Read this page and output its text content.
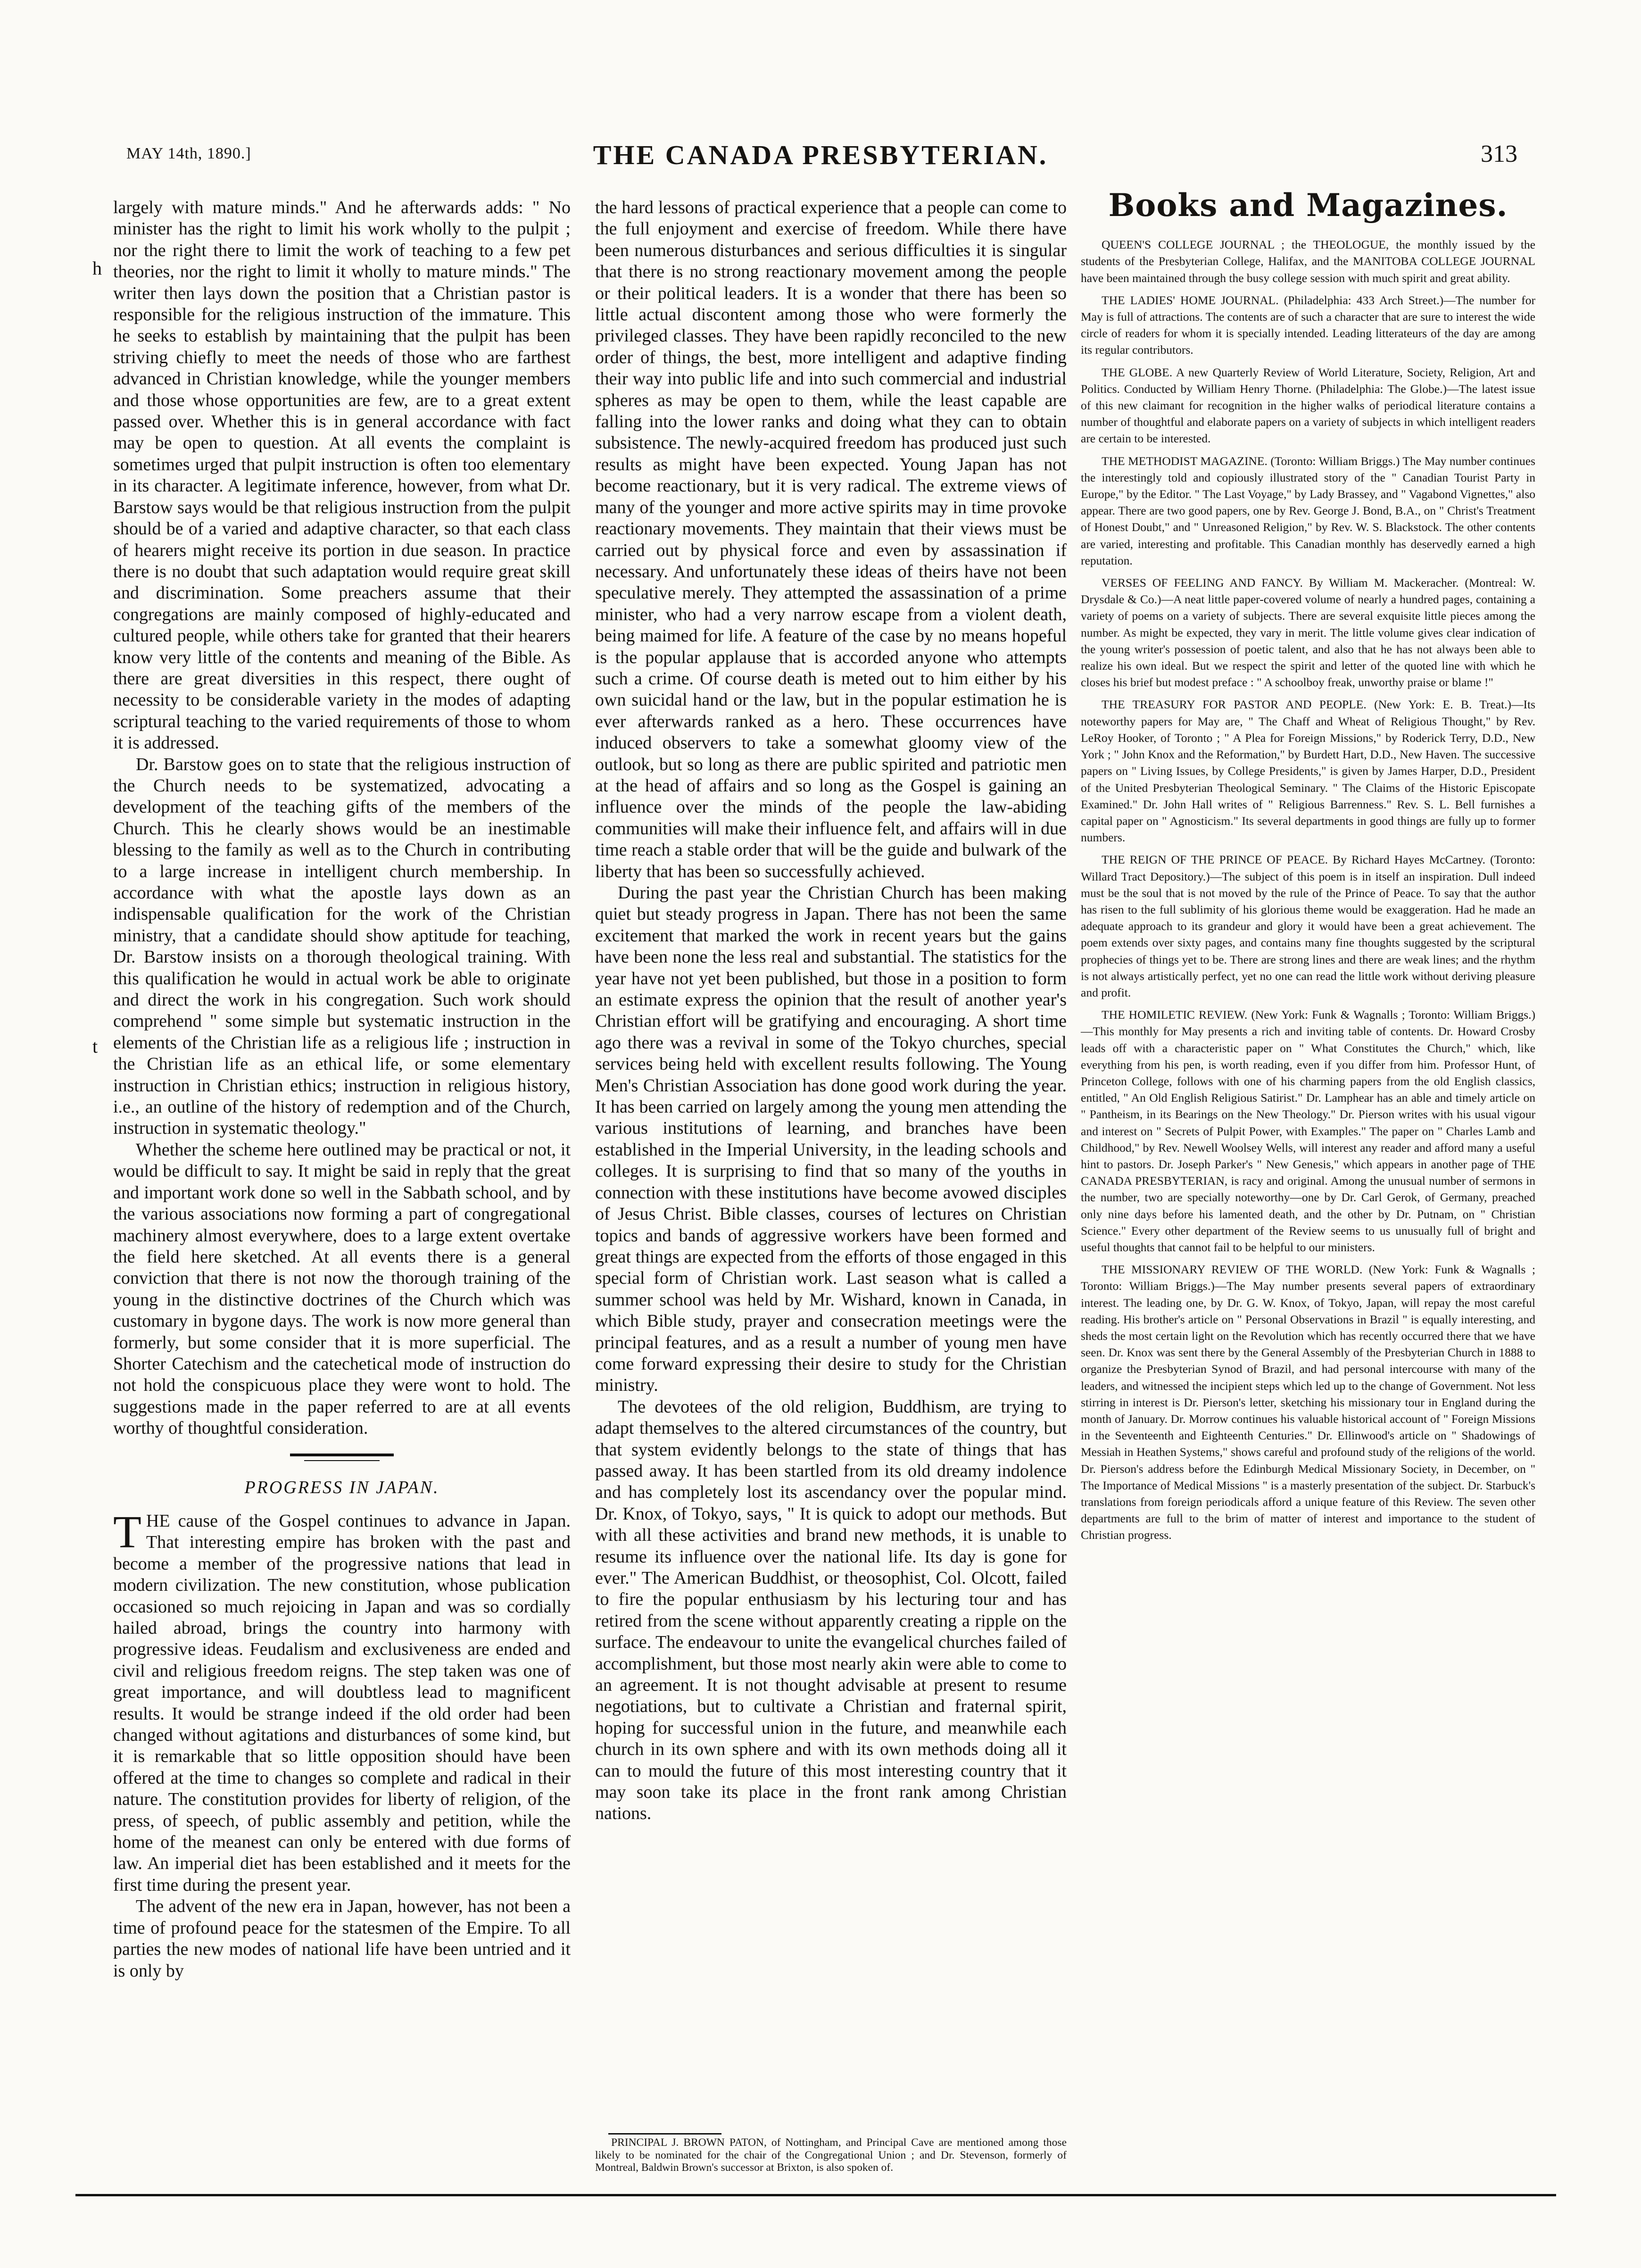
MAY 14th, 1890.]	THE CANADA PRESBYTERIAN.	313
h
t

largely with mature minds." And he afterwards adds: " No minister has the right to limit his work wholly to the pulpit ; nor the right there to limit the work of teaching to a few pet theories, nor the right to limit it wholly to mature minds." The writer then lays down the position that a Christian pastor is responsible for the religious instruction of the immature. This he seeks to establish by maintaining that the pulpit has been striving chiefly to meet the needs of those who are farthest advanced in Christian knowledge, while the younger members and those whose opportunities are few, are to a great extent passed over. Whether this is in general accordance with fact may be open to question. At all events the complaint is sometimes urged that pulpit instruction is often too elementary in its character. A legitimate inference, however, from what Dr. Barstow says would be that religious instruction from the pulpit should be of a varied and adaptive character, so that each class of hearers might receive its portion in due season. In practice there is no doubt that such adaptation would require great skill and discrimination. Some preachers assume that their congregations are mainly composed of highly-educated and cultured people, while others take for granted that their hearers know very little of the contents and meaning of the Bible. As there are great diversities in this respect, there ought of necessity to be considerable variety in the modes of adapting scriptural teaching to the varied requirements of those to whom it is addressed.

Dr. Barstow goes on to state that the religious instruction of the Church needs to be systematized, advocating a development of the teaching gifts of the members of the Church. This he clearly shows would be an inestimable blessing to the family as well as to the Church in contributing to a large increase in intelligent church membership. In accordance with what the apostle lays down as an indispensable qualification for the work of the Christian ministry, that a candidate should show aptitude for teaching, Dr. Barstow insists on a thorough theological training. With this qualification he would in actual work be able to originate and direct the work in his congregation. Such work should comprehend " some simple but systematic instruction in the elements of the Christian life as a religious life ; instruction in the Christian life as an ethical life, or some elementary instruction in Christian ethics; instruction in religious history, i.e., an outline of the history of redemption and of the Church, instruction in systematic theology."

Whether the scheme here outlined may be practical or not, it would be difficult to say. It might be said in reply that the great and important work done so well in the Sabbath school, and by the various associations now forming a part of congregational machinery almost everywhere, does to a large extent overtake the field here sketched. At all events there is a general conviction that there is not now the thorough training of the young in the distinctive doctrines of the Church which was customary in bygone days. The work is now more general than formerly, but some consider that it is more superficial. The Shorter Catechism and the catechetical mode of instruction do not hold the conspicuous place they were wont to hold. The suggestions made in the paper referred to are at all events worthy of thoughtful consideration.

PROGRESS IN JAPAN.

THE cause of the Gospel continues to advance in Japan. That interesting empire has broken with the past and become a member of the progressive nations that lead in modern civilization. The new constitution, whose publication occasioned so much rejoicing in Japan and was so cordially hailed abroad, brings the country into harmony with progressive ideas. Feudalism and exclusiveness are ended and civil and religious freedom reigns. The step taken was one of great importance, and will doubtless lead to magnificent results. It would be strange indeed if the old order had been changed without agitations and disturbances of some kind, but it is remarkable that so little opposition should have been offered at the time to changes so complete and radical in their nature. The constitution provides for liberty of religion, of the press, of speech, of public assembly and petition, while the home of the meanest can only be entered with due forms of law. An imperial diet has been established and it meets for the first time during the present year.

The advent of the new era in Japan, however, has not been a time of profound peace for the statesmen of the Empire. To all parties the new modes of national life have been untried and it is only by

the hard lessons of practical experience that a people can come to the full enjoyment and exercise of freedom. While there have been numerous disturbances and serious difficulties it is singular that there is no strong reactionary movement among the people or their political leaders. It is a wonder that there has been so little actual discontent among those who were formerly the privileged classes. They have been rapidly reconciled to the new order of things, the best, more intelligent and adaptive finding their way into public life and into such commercial and industrial spheres as may be open to them, while the least capable are falling into the lower ranks and doing what they can to obtain subsistence. The newly-acquired freedom has produced just such results as might have been expected. Young Japan has not become reactionary, but it is very radical. The extreme views of many of the younger and more active spirits may in time provoke reactionary movements. They maintain that their views must be carried out by physical force and even by assassination if necessary. And unfortunately these ideas of theirs have not been speculative merely. They attempted the assassination of a prime minister, who had a very narrow escape from a violent death, being maimed for life. A feature of the case by no means hopeful is the popular applause that is accorded anyone who attempts such a crime. Of course death is meted out to him either by his own suicidal hand or the law, but in the popular estimation he is ever afterwards ranked as a hero. These occurrences have induced observers to take a somewhat gloomy view of the outlook, but so long as there are public spirited and patriotic men at the head of affairs and so long as the Gospel is gaining an influence over the minds of the people the law-abiding communities will make their influence felt, and affairs will in due time reach a stable order that will be the guide and bulwark of the liberty that has been so successfully achieved.

During the past year the Christian Church has been making quiet but steady progress in Japan. There has not been the same excitement that marked the work in recent years but the gains have been none the less real and substantial. The statistics for the year have not yet been published, but those in a position to form an estimate express the opinion that the result of another year's Christian effort will be gratifying and encouraging. A short time ago there was a revival in some of the Tokyo churches, special services being held with excellent results following. The Young Men's Christian Association has done good work during the year. It has been carried on largely among the young men attending the various institutions of learning, and branches have been established in the Imperial University, in the leading schools and colleges. It is surprising to find that so many of the youths in connection with these institutions have become avowed disciples of Jesus Christ. Bible classes, courses of lectures on Christian topics and bands of aggressive workers have been formed and great things are expected from the efforts of those engaged in this special form of Christian work. Last season what is called a summer school was held by Mr. Wishard, known in Canada, in which Bible study, prayer and consecration meetings were the principal features, and as a result a number of young men have come forward expressing their desire to study for the Christian ministry.

The devotees of the old religion, Buddhism, are trying to adapt themselves to the altered circumstances of the country, but that system evidently belongs to the state of things that has passed away. It has been startled from its old dreamy indolence and has completely lost its ascendancy over the popular mind. Dr. Knox, of Tokyo, says, " It is quick to adopt our methods. But with all these activities and brand new methods, it is unable to resume its influence over the national life. Its day is gone for ever." The American Buddhist, or theosophist, Col. Olcott, failed to fire the popular enthusiasm by his lecturing tour and has retired from the scene without apparently creating a ripple on the surface. The endeavour to unite the evangelical churches failed of accomplishment, but those most nearly akin were able to come to an agreement. It is not thought advisable at present to resume negotiations, but to cultivate a Christian and fraternal spirit, hoping for successful union in the future, and meanwhile each church in its own sphere and with its own methods doing all it can to mould the future of this most interesting country that it may soon take its place in the front rank among Christian nations.

PRINCIPAL J. BROWN PATON, of Nottingham, and Principal Cave are mentioned among those likely to be nominated for the chair of the Congregational Union ; and Dr. Stevenson, formerly of Montreal, Baldwin Brown's successor at Brixton, is also spoken of.

Books and Magazines.

QUEEN'S COLLEGE JOURNAL ; the THEOLOGUE, the monthly issued by the students of the Presbyterian College, Halifax, and the MANITOBA COLLEGE JOURNAL have been maintained through the busy college session with much spirit and great ability.

THE LADIES' HOME JOURNAL. (Philadelphia: 433 Arch Street.)—The number for May is full of attractions. The contents are of such a character that are sure to interest the wide circle of readers for whom it is specially intended. Leading litterateurs of the day are among its regular contributors.

THE GLOBE. A new Quarterly Review of World Literature, Society, Religion, Art and Politics. Conducted by William Henry Thorne. (Philadelphia: The Globe.)—The latest issue of this new claimant for recognition in the higher walks of periodical literature contains a number of thoughtful and elaborate papers on a variety of subjects in which intelligent readers are certain to be interested.

THE METHODIST MAGAZINE. (Toronto: William Briggs.) The May number continues the interestingly told and copiously illustrated story of the " Canadian Tourist Party in Europe," by the Editor. " The Last Voyage," by Lady Brassey, and " Vagabond Vignettes," also appear. There are two good papers, one by Rev. George J. Bond, B.A., on " Christ's Treatment of Honest Doubt," and " Unreasoned Religion," by Rev. W. S. Blackstock. The other contents are varied, interesting and profitable. This Canadian monthly has deservedly earned a high reputation.

VERSES OF FEELING AND FANCY. By William M. Mackeracher. (Montreal: W. Drysdale & Co.)—A neat little paper-covered volume of nearly a hundred pages, containing a variety of poems on a variety of subjects. There are several exquisite little pieces among the number. As might be expected, they vary in merit. The little volume gives clear indication of the young writer's possession of poetic talent, and also that he has not always been able to realize his own ideal. But we respect the spirit and letter of the quoted line with which he closes his brief but modest preface : " A schoolboy freak, unworthy praise or blame !"

THE TREASURY FOR PASTOR AND PEOPLE. (New York: E. B. Treat.)—Its noteworthy papers for May are, " The Chaff and Wheat of Religious Thought," by Rev. LeRoy Hooker, of Toronto ; " A Plea for Foreign Missions," by Roderick Terry, D.D., New York ; " John Knox and the Reformation," by Burdett Hart, D.D., New Haven. The successive papers on " Living Issues, by College Presidents," is given by James Harper, D.D., President of the United Presbyterian Theological Seminary. " The Claims of the Historic Episcopate Examined." Dr. John Hall writes of " Religious Barrenness." Rev. S. L. Bell furnishes a capital paper on " Agnosticism." Its several departments in good things are fully up to former numbers.

THE REIGN OF THE PRINCE OF PEACE. By Richard Hayes McCartney. (Toronto: Willard Tract Depository.)—The subject of this poem is in itself an inspiration. Dull indeed must be the soul that is not moved by the rule of the Prince of Peace. To say that the author has risen to the full sublimity of his glorious theme would be exaggeration. Had he made an adequate approach to its grandeur and glory it would have been a great achievement. The poem extends over sixty pages, and contains many fine thoughts suggested by the scriptural prophecies of things yet to be. There are strong lines and there are weak lines; and the rhythm is not always artistically perfect, yet no one can read the little work without deriving pleasure and profit.

THE HOMILETIC REVIEW. (New York: Funk & Wagnalls ; Toronto: William Briggs.)—This monthly for May presents a rich and inviting table of contents. Dr. Howard Crosby leads off with a characteristic paper on " What Constitutes the Church," which, like everything from his pen, is worth reading, even if you differ from him. Professor Hunt, of Princeton College, follows with one of his charming papers from the old English classics, entitled, " An Old English Religious Satirist." Dr. Lamphear has an able and timely article on " Pantheism, in its Bearings on the New Theology." Dr. Pierson writes with his usual vigour and interest on " Secrets of Pulpit Power, with Examples." The paper on " Charles Lamb and Childhood," by Rev. Newell Woolsey Wells, will interest any reader and afford many a useful hint to pastors. Dr. Joseph Parker's " New Genesis," which appears in another page of THE CANADA PRESBYTERIAN, is racy and original. Among the unusual number of sermons in the number, two are specially noteworthy—one by Dr. Carl Gerok, of Germany, preached only nine days before his lamented death, and the other by Dr. Putnam, on " Christian Science." Every other department of the Review seems to us unusually full of bright and useful thoughts that cannot fail to be helpful to our ministers.

THE MISSIONARY REVIEW OF THE WORLD. (New York: Funk & Wagnalls ; Toronto: William Briggs.)—The May number presents several papers of extraordinary interest. The leading one, by Dr. G. W. Knox, of Tokyo, Japan, will repay the most careful reading. His brother's article on " Personal Observations in Brazil " is equally interesting, and sheds the most certain light on the Revolution which has recently occurred there that we have seen. Dr. Knox was sent there by the General Assembly of the Presbyterian Church in 1888 to organize the Presbyterian Synod of Brazil, and had personal intercourse with many of the leaders, and witnessed the incipient steps which led up to the change of Government. Not less stirring in interest is Dr. Pierson's letter, sketching his missionary tour in England during the month of January. Dr. Morrow continues his valuable historical account of " Foreign Missions in the Seventeenth and Eighteenth Centuries." Dr. Ellinwood's article on " Shadowings of Messiah in Heathen Systems," shows careful and profound study of the religions of the world. Dr. Pierson's address before the Edinburgh Medical Missionary Society, in December, on " The Importance of Medical Missions " is a masterly presentation of the subject. Dr. Starbuck's translations from foreign periodicals afford a unique feature of this Review. The seven other departments are full to the brim of matter of interest and importance to the student of Christian progress.
